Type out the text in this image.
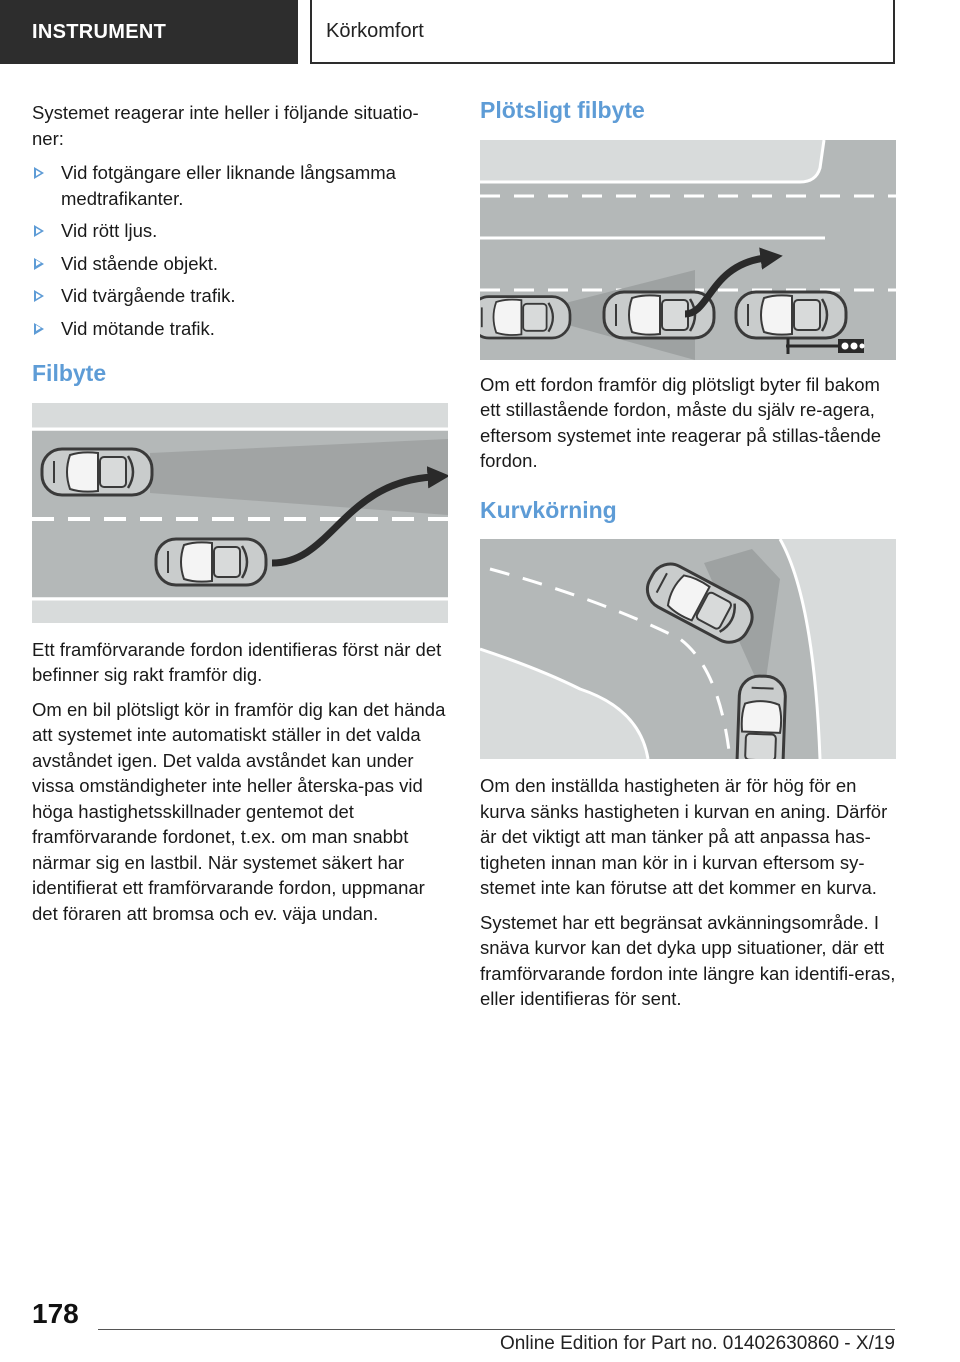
INSTRUMENT	Körkomfort

Systemet reagerar inte heller i följande situatio-ner:

Vid fotgängare eller liknande långsamma medtrafikanter.
Vid rött ljus.
Vid stående objekt.
Vid tvärgående trafik.
Vid mötande trafik.
Filbyte

Ett framförvarande fordon identifieras först när det befinner sig rakt framför dig.

Om en bil plötsligt kör in framför dig kan det hända att systemet inte automatiskt ställer in det valda avståndet igen. Det valda avståndet kan under vissa omständigheter inte heller återska-pas vid höga hastighetsskillnader gentemot det framförvarande fordonet, t.ex. om man snabbt närmar sig en lastbil. När systemet säkert har identifierat ett framförvarande fordon, uppmanar det föraren att bromsa och ev. väja undan.

Plötsligt filbyte

Om ett fordon framför dig plötsligt byter fil bakom ett stillastående fordon, måste du själv re-agera, eftersom systemet inte reagerar på stillas-tående fordon.

Kurvkörning

Om den inställda hastigheten är för hög för en kurva sänks hastigheten i kurvan en aning. Därför är det viktigt att man tänker på att anpassa has-tigheten innan man kör in i kurvan eftersom sy-stemet inte kan förutse att det kommer en kurva.

Systemet har ett begränsat avkänningsområde. I snäva kurvor kan det dyka upp situationer, där ett framförvarande fordon inte längre kan identifi-eras, eller identifieras för sent.

178
Online Edition for Part no. 01402630860 - X/19
